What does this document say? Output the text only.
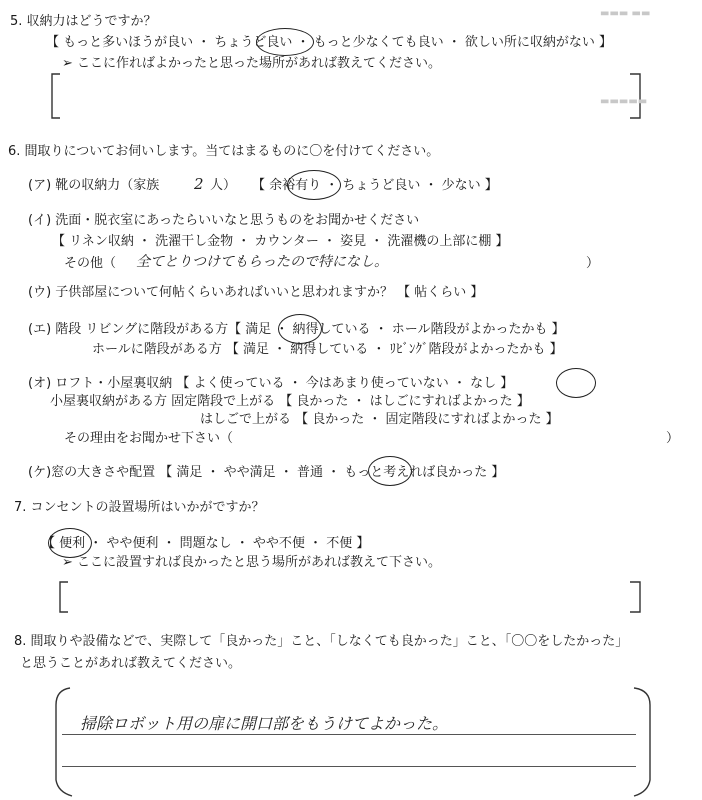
▬▬▬ ▬▬
▬▬▬▬▬
5. 収納力はどうですか？
【 もっと多いほうが良い ・ ちょうど良い ・ もっと少なくても良い ・ 欲しい所に収納がない 】
➢ ここに作ればよかったと思った場所があれば教えてください。
6. 間取りについてお伺いします。当てはまるものに〇を付けてください。
(ア) 靴の収納力（家族 2 人） 【 余裕有り ・ ちょうど良い ・ 少ない 】
(イ) 洗面・脱衣室にあったらいいなと思うものをお聞かせください
【 リネン収納 ・ 洗濯干し金物 ・ カウンター ・ 姿見 ・ 洗濯機の上部に棚 】
その他（ 全てとりつけてもらったので特になし。	）
(ウ) 子供部屋について何帖くらいあればいいと思われますか？ 【 帖くらい 】
(エ) 階段 リビングに階段がある方【 満足 ・ 納得している ・ ホール階段がよかったかも 】
ホールに階段がある方 【 満足 ・ 納得している ・ ﾘﾋﾞﾝｸﾞ階段がよかったかも 】
(オ) ロフト・小屋裏収納 【 よく使っている ・ 今はあまり使っていない ・ なし 】
小屋裏収納がある方 固定階段で上がる 【 良かった ・ はしごにすればよかった 】
はしごで上がる 【 良かった ・ 固定階段にすればよかった 】
その理由をお聞かせ下さい（	）
(ケ)窓の大きさや配置 【 満足 ・ やや満足 ・ 普通 ・ もっと考えれば良かった 】
7. コンセントの設置場所はいかがですか？
【 便利 ・ やや便利 ・ 問題なし ・ やや不便 ・ 不便 】
➢ ここに設置すれば良かったと思う場所があれば教えて下さい。
8. 間取りや設備などで、実際して「良かった」こと、「しなくても良かった」こと、「〇〇をしたかった」
と思うことがあれば教えてください。
掃除ロボット用の扉に開口部をもうけてよかった。
